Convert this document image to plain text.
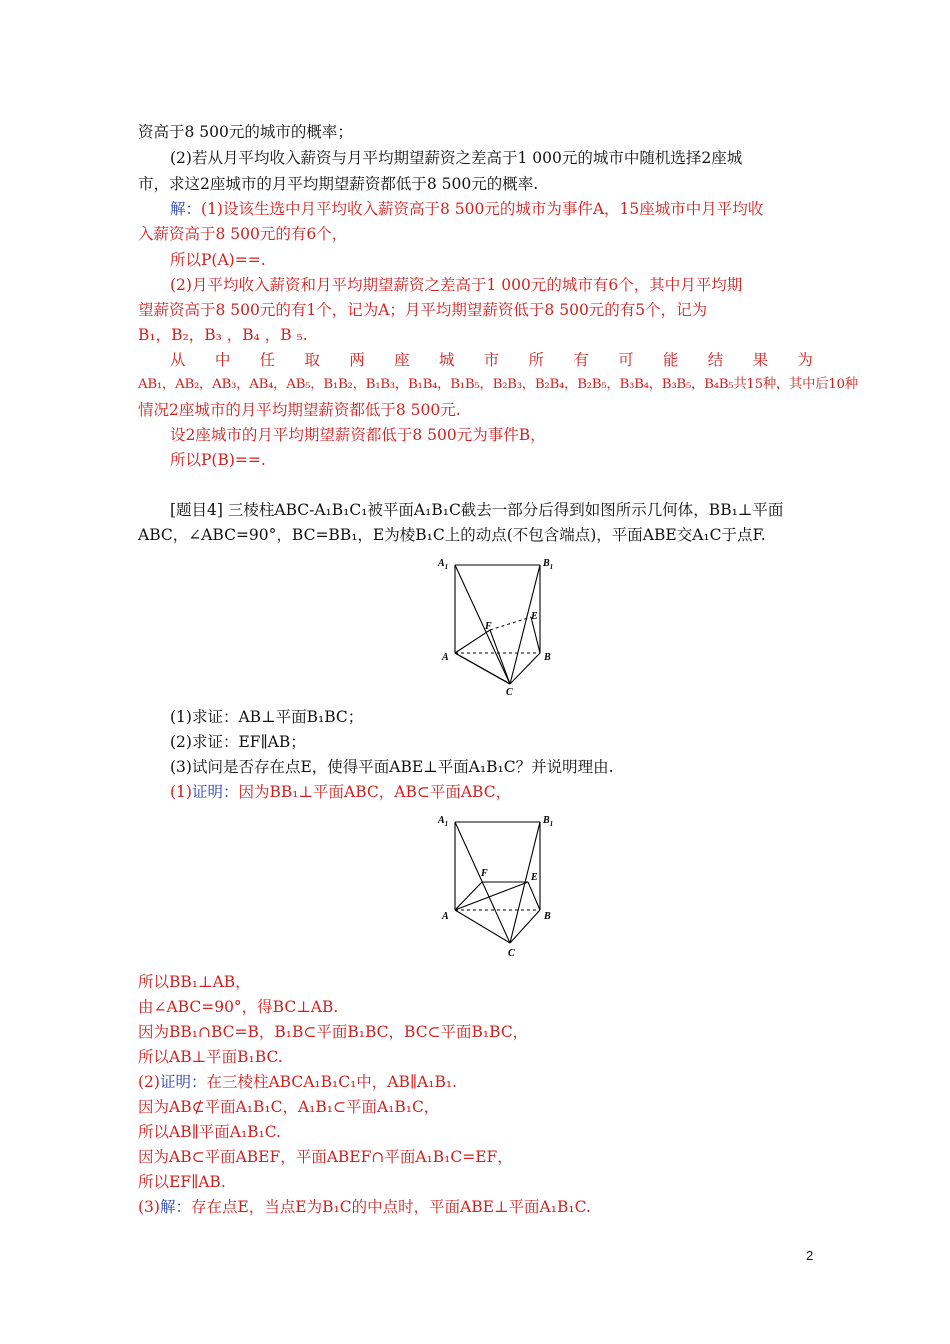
资高于8 500元的城市的概率；
(2)若从月平均收入薪资与月平均期望薪资之差高于1 000元的城市中随机选择2座城
市，求这2座城市的月平均期望薪资都低于8 500元的概率.
解：(1)设该生选中月平均收入薪资高于8 500元的城市为事件A，15座城市中月平均收
入薪资高于8 500元的有6个，
所以P(A)==.
(2)月平均收入薪资和月平均期望薪资之差高于1 000元的城市有6个，其中月平均期
望薪资高于8 500元的有1个，记为A；月平均期望薪资低于8 500元的有5个，记为
B₁，B₂，B₃ ，B₄ ，B ₅.
从 中 任 取 两 座 城 市 所 有 可 能 结 果 为
AB₁，AB₂，AB₃，AB₄，AB₅，B₁B₂，B₁B₃，B₁B₄，B₁B₅，B₂B₃，B₂B₄，B₂B₅，B₃B₄，B₃B₅，B₄B₅共15种，其中后10种
情况2座城市的月平均期望薪资都低于8 500元.
设2座城市的月平均期望薪资都低于8 500元为事件B，
所以P(B)==.
[题目4] 三棱柱ABC-A₁B₁C₁被平面A₁B₁C截去一部分后得到如图所示几何体，BB₁⊥平面
ABC，∠ABC=90°，BC=BB₁，E为棱B₁C上的动点(不包含端点)，平面ABE交A₁C于点F.
$A_1$	$B_1$
A	B
C
E
F
(1)求证：AB⊥平面B₁BC；
(2)求证：EF∥AB；
(3)试问是否存在点E，使得平面ABE⊥平面A₁B₁C？并说明理由.
(1)证明：因为BB₁⊥平面ABC，AB⊂平面ABC，
$A_1$	$B_1$
A	B
C
E
F
所以BB₁⊥AB，
由∠ABC=90°，得BC⊥AB.
因为BB₁∩BC=B，B₁B⊂平面B₁BC，BC⊂平面B₁BC，
所以AB⊥平面B₁BC.
(2)证明：在三棱柱ABCA₁B₁C₁中，AB∥A₁B₁.
因为AB⊄平面A₁B₁C，A₁B₁⊂平面A₁B₁C，
所以AB∥平面A₁B₁C.
因为AB⊂平面ABEF，平面ABEF∩平面A₁B₁C=EF，
所以EF∥AB.
(3)解：存在点E，当点E为B₁C的中点时，平面ABE⊥平面A₁B₁C.
2
